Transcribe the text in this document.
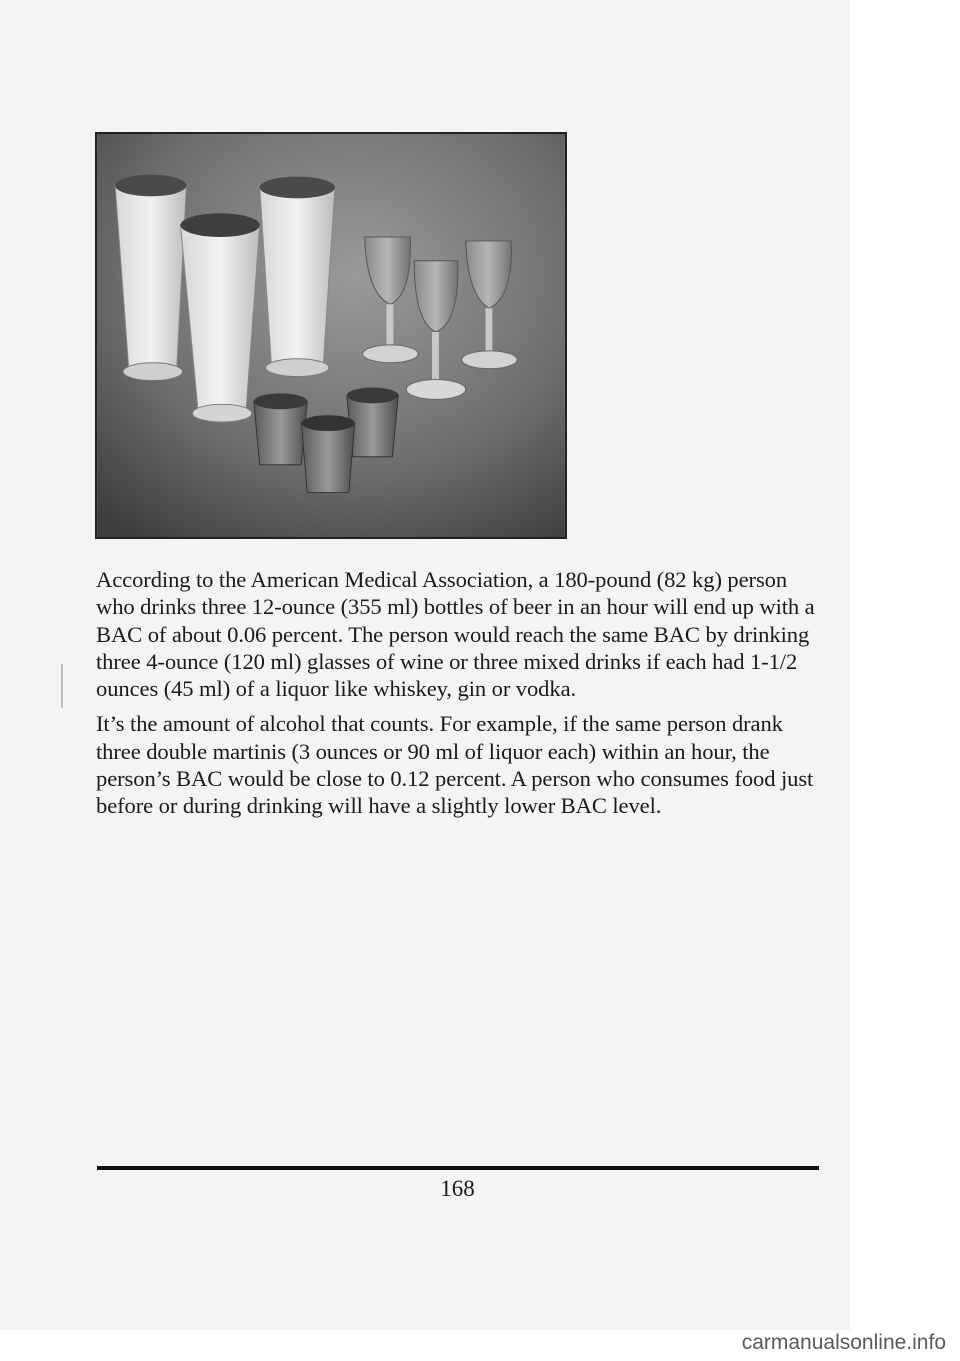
According to the American Medical Association, a 180-pound (82 kg) person who drinks three 12-ounce (355 ml) bottles of beer in an hour will end up with a BAC of about 0.06 percent. The person would reach the same BAC by drinking three 4-ounce (120 ml) glasses of wine or three mixed drinks if each had 1-1/2 ounces (45 ml) of a liquor like whiskey, gin or vodka.

It’s the amount of alcohol that counts. For example, if the same person drank three double martinis (3 ounces or 90 ml of liquor each) within an hour, the person’s BAC would be close to 0.12 percent. A person who consumes food just before or during drinking will have a slightly lower BAC level.

168
carmanualsonline.info
